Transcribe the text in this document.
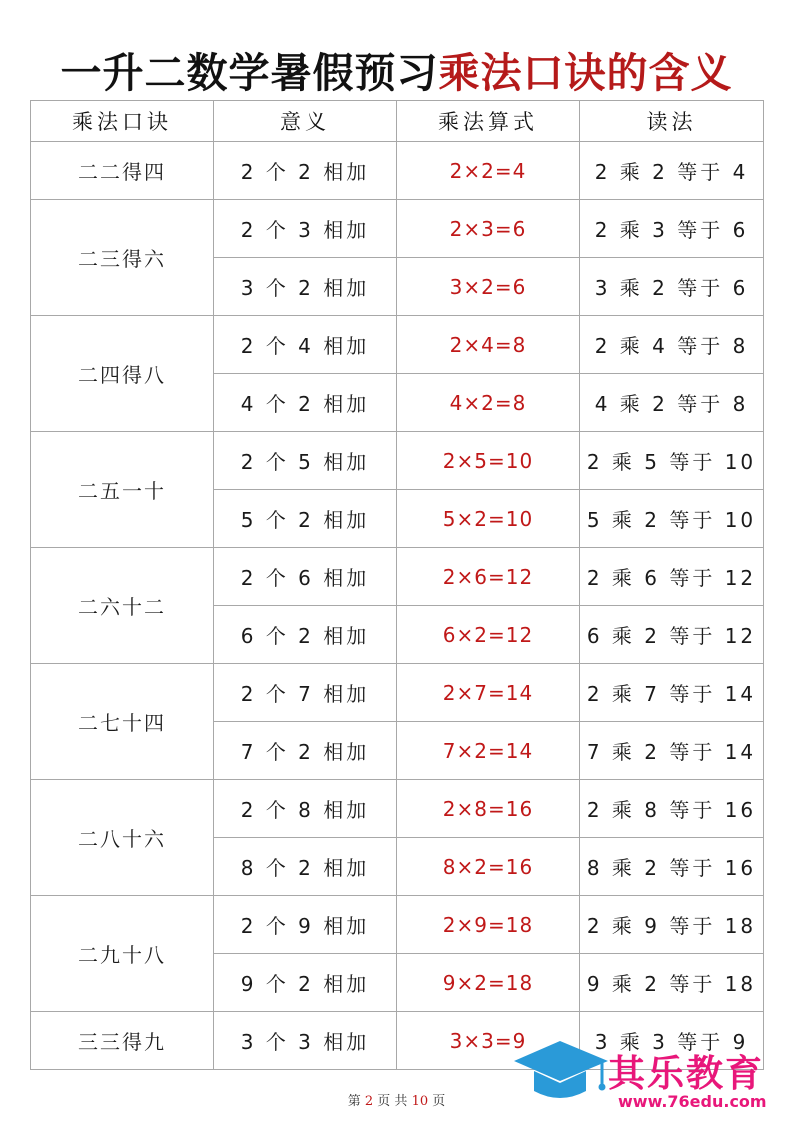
一升二数学暑假预习乘法口诀的含义
乘法口诀	意义	乘法算式	读法
二二得四	2 个 2 相加	2×2=4	2 乘 2 等于 4
二三得六	2 个 3 相加	2×3=6	2 乘 3 等于 6
	3 个 2 相加	3×2=6	3 乘 2 等于 6
二四得八	2 个 4 相加	2×4=8	2 乘 4 等于 8
	4 个 2 相加	4×2=8	4 乘 2 等于 8
二五一十	2 个 5 相加	2×5=10	2 乘 5 等于 10
	5 个 2 相加	5×2=10	5 乘 2 等于 10
二六十二	2 个 6 相加	2×6=12	2 乘 6 等于 12
	6 个 2 相加	6×2=12	6 乘 2 等于 12
二七十四	2 个 7 相加	2×7=14	2 乘 7 等于 14
	7 个 2 相加	7×2=14	7 乘 2 等于 14
二八十六	2 个 8 相加	2×8=16	2 乘 8 等于 16
	8 个 2 相加	8×2=16	8 乘 2 等于 16
二九十八	2 个 9 相加	2×9=18	2 乘 9 等于 18
	9 个 2 相加	9×2=18	9 乘 2 等于 18
三三得九	3 个 3 相加	3×3=9	3 乘 3 等于 9
第 2 页 共 10 页
其乐教育
www.76edu.com
